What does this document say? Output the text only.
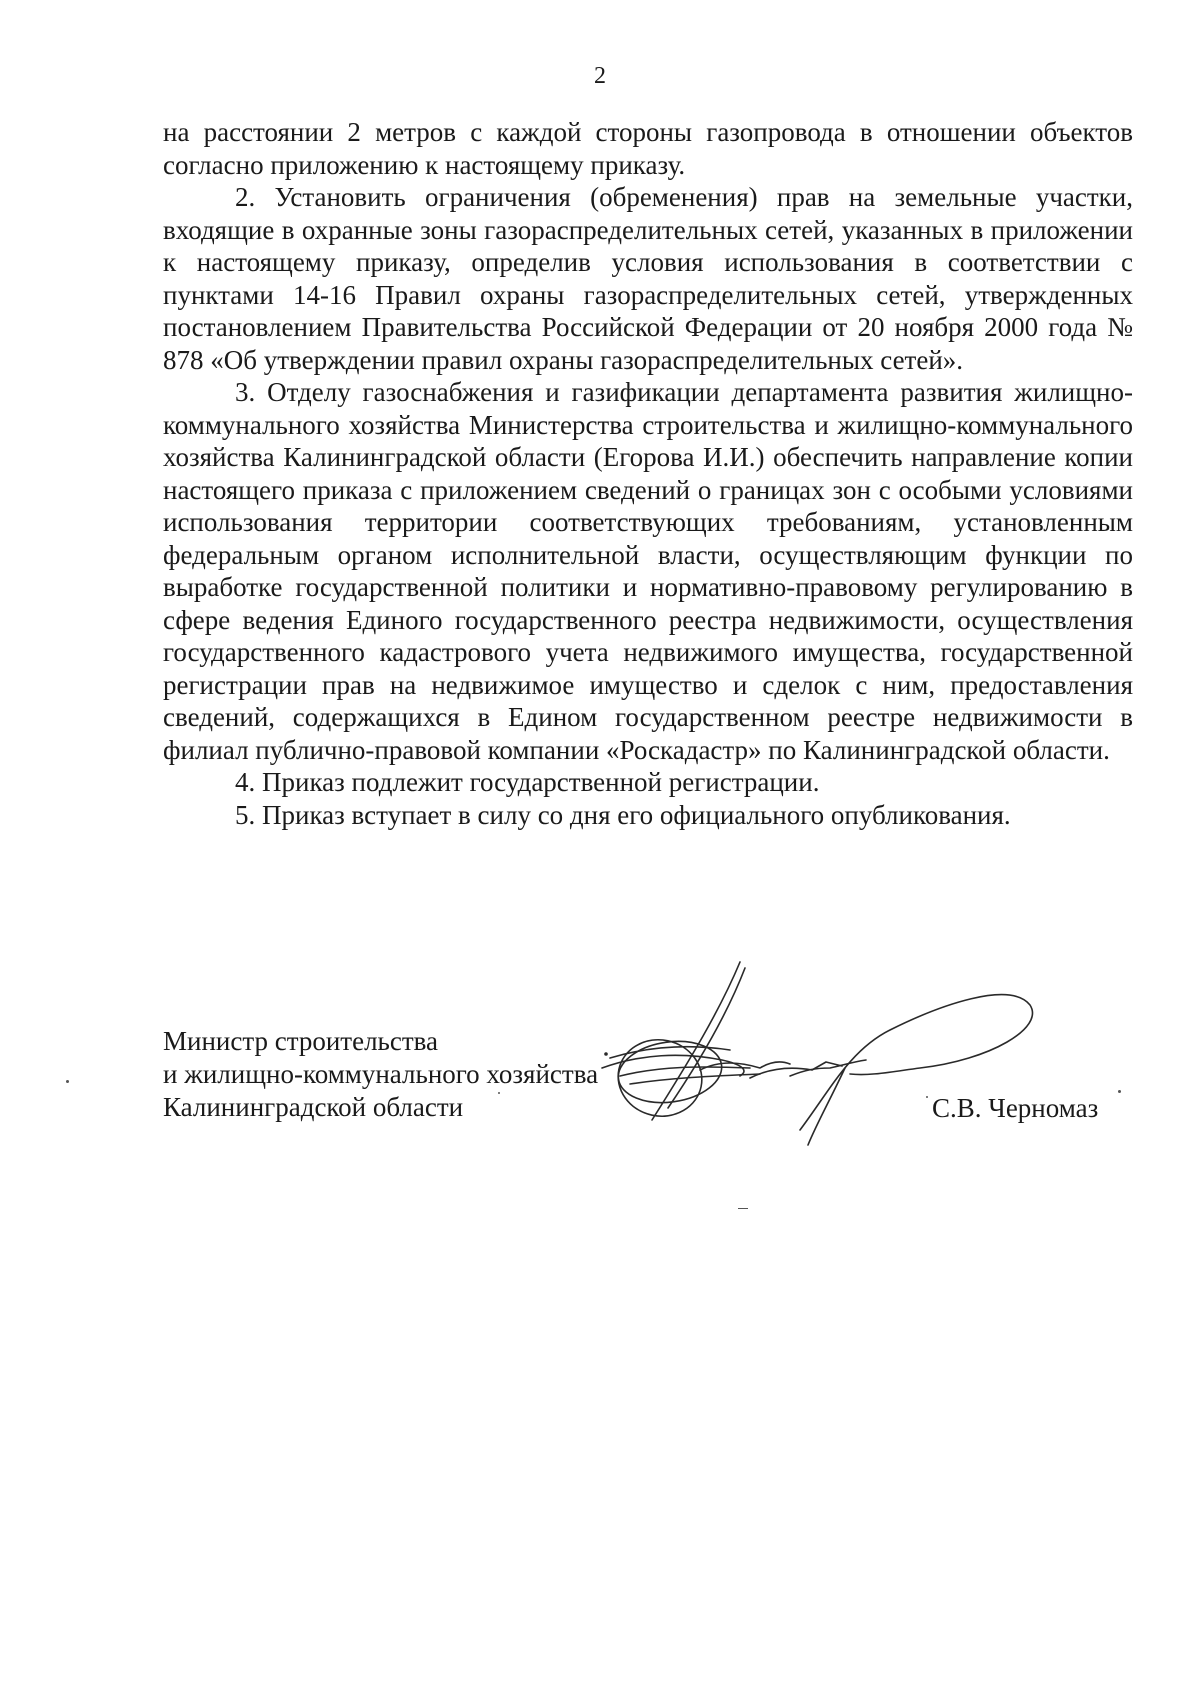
2

на расстоянии 2 метров с каждой стороны газопровода в отношении объектов согласно приложению к настоящему приказу.

2. Установить ограничения (обременения) прав на земельные участки, входящие в охранные зоны газораспределительных сетей, указанных в приложении к настоящему приказу, определив условия использования в соответствии с пунктами 14-16 Правил охраны газораспределительных сетей, утвержденных постановлением Правительства Российской Федерации от 20 ноября 2000 года № 878 «Об утверждении правил охраны газораспределительных сетей».

3. Отделу газоснабжения и газификации департамента развития жилищно-коммунального хозяйства Министерства строительства и жилищно-коммунального хозяйства Калининградской области (Егорова И.И.) обеспечить направление копии настоящего приказа с приложением сведений о границах зон с особыми условиями использования территории соответствующих требованиям, установленным федеральным органом исполнительной власти, осуществляющим функции по выработке государственной политики и нормативно-правовому регулированию в сфере ведения Единого государственного реестра недвижимости, осуществления государственного кадастрового учета недвижимого имущества, государственной регистрации прав на недвижимое имущество и сделок с ним, предоставления сведений, содержащихся в Едином государственном реестре недвижимости в филиал публично-правовой компании «Роскадастр» по Калининградской области.

4. Приказ подлежит государственной регистрации.

5. Приказ вступает в силу со дня его официального опубликования.

Министр строительства
и жилищно-коммунального хозяйства
Калининградской области	С.В. Черномаз
